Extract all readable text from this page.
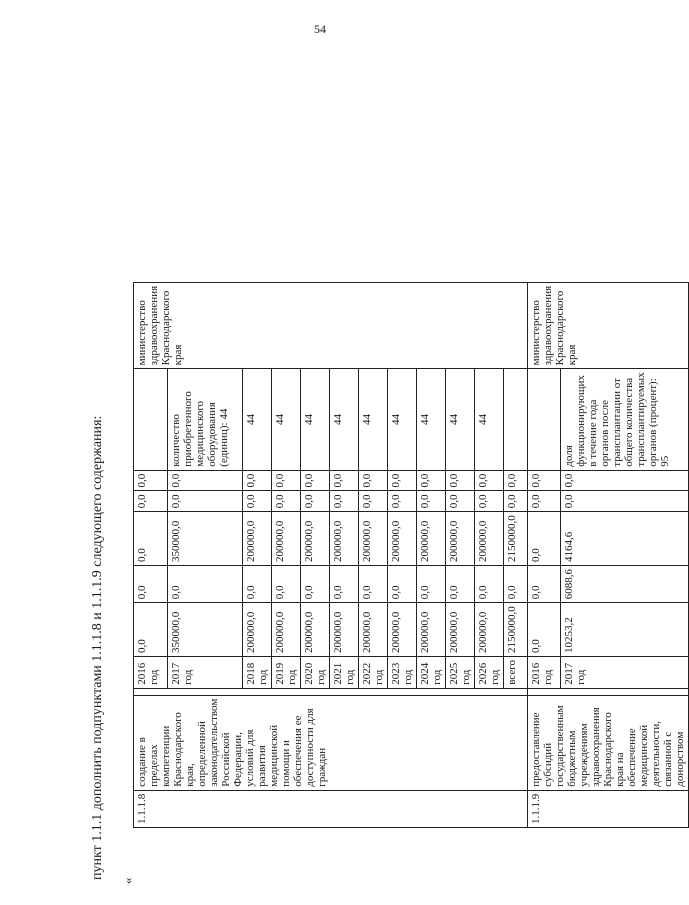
54
пункт 1.1.1 дополнить подпунктами 1.1.1.8 и 1.1.1.9 следующего содержания:
«
1.1.1.8	создание в пределах компетенции Краснодарского края, определенной законодательством Российской Федерации, условий для развития медицинской помощи и обеспечения ее доступности для граждан		2016 год	0,0	0,0	0,0	0,0	0,0		министерство здравоохранения Краснодарского края
			2017 год	350000,0	0,0	350000,0	0,0	0,0	количество приобретенного медицинского оборудования (единиц): 44	
			2018 год	200000,0	0,0	200000,0	0,0	0,0	44	
			2019 год	200000,0	0,0	200000,0	0,0	0,0	44	
			2020 год	200000,0	0,0	200000,0	0,0	0,0	44	
			2021 год	200000,0	0,0	200000,0	0,0	0,0	44	
			2022 год	200000,0	0,0	200000,0	0,0	0,0	44	
			2023 год	200000,0	0,0	200000,0	0,0	0,0	44	
			2024 год	200000,0	0,0	200000,0	0,0	0,0	44	
			2025 год	200000,0	0,0	200000,0	0,0	0,0	44	
			2026 год	200000,0	0,0	200000,0	0,0	0,0	44	
			всего	2150000,0	0,0	2150000,0	0,0	0,0		
1.1.1.9	предоставление субсидий государственным бюджетным учреждениям здравоохранения Краснодарского края на обеспечение медицинской деятельности, связанной с донорством		2016 год	0,0	0,0	0,0	0,0	0,0		министерство здравоохранения Краснодарского края
			2017 год	10253,2	6088,6	4164,6	0,0	0,0	доля функционирующих в течение года органов после трансплантации от общего количества трансплантируемых органов (процент): 95	
